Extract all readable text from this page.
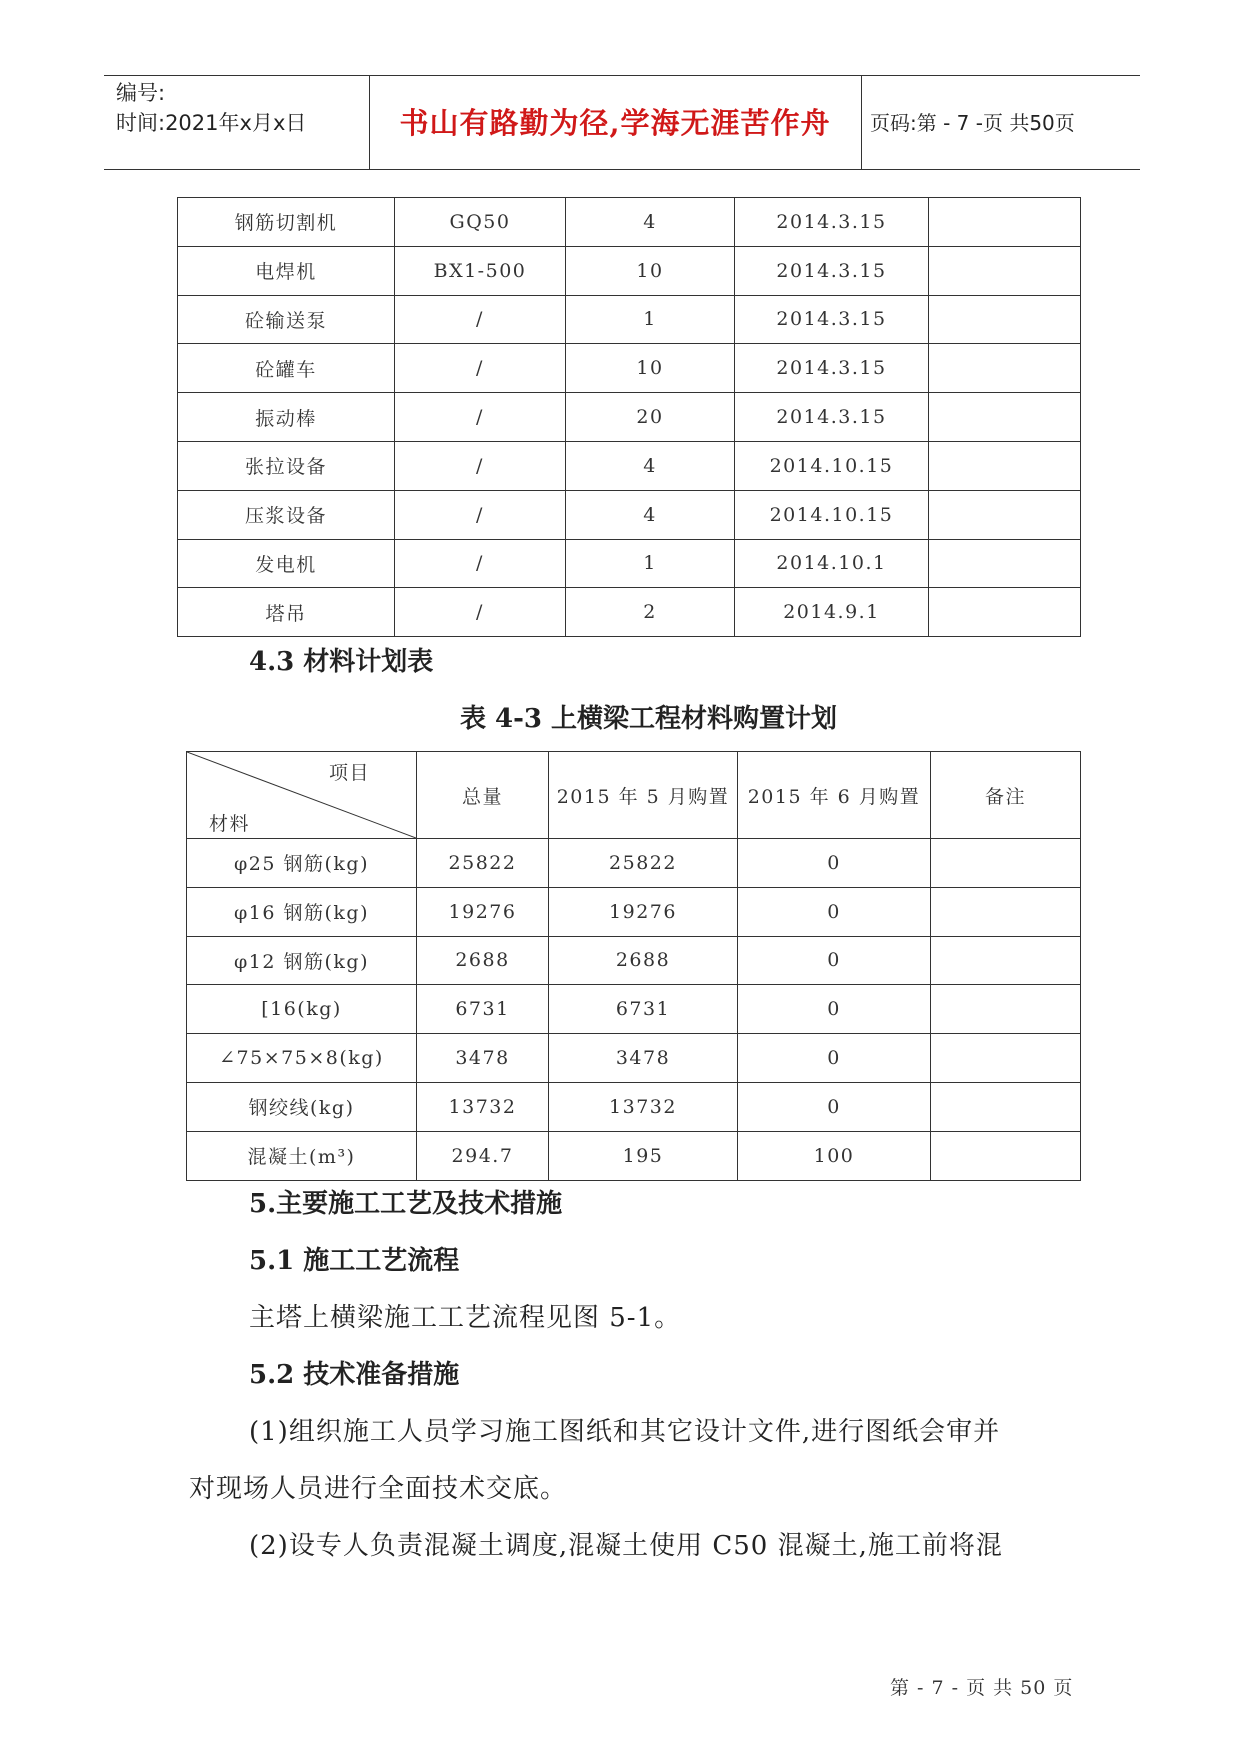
编号:
时间:2021年x月x日	书山有路勤为径,学海无涯苦作舟	页码:第 - 7 -页 共50页
钢筋切割机	GQ50	4	2014.3.15	
电焊机	BX1-500	10	2014.3.15	
砼输送泵	/	1	2014.3.15	
砼罐车	/	10	2014.3.15	
振动棒	/	20	2014.3.15	
张拉设备	/	4	2014.10.15	
压浆设备	/	4	2014.10.15	
发电机	/	1	2014.10.1	
塔吊	/	2	2014.9.1	
4.3 材料计划表
表 4-3 上横梁工程材料购置计划
项目
材料	总量	2015 年 5 月购置	2015 年 6 月购置	备注
φ25 钢筋(kg)	25822	25822	0	
φ16 钢筋(kg)	19276	19276	0	
φ12 钢筋(kg)	2688	2688	0	
[16(kg)	6731	6731	0	
∠75×75×8(kg)	3478	3478	0	
钢绞线(kg)	13732	13732	0	
混凝土(m³)	294.7	195	100	
5.主要施工工艺及技术措施
5.1 施工工艺流程
主塔上横梁施工工艺流程见图 5-1。
5.2 技术准备措施
(1)组织施工人员学习施工图纸和其它设计文件,进行图纸会审并
对现场人员进行全面技术交底。
(2)设专人负责混凝土调度,混凝土使用 C50 混凝土,施工前将混
第 - 7 - 页 共 50 页
